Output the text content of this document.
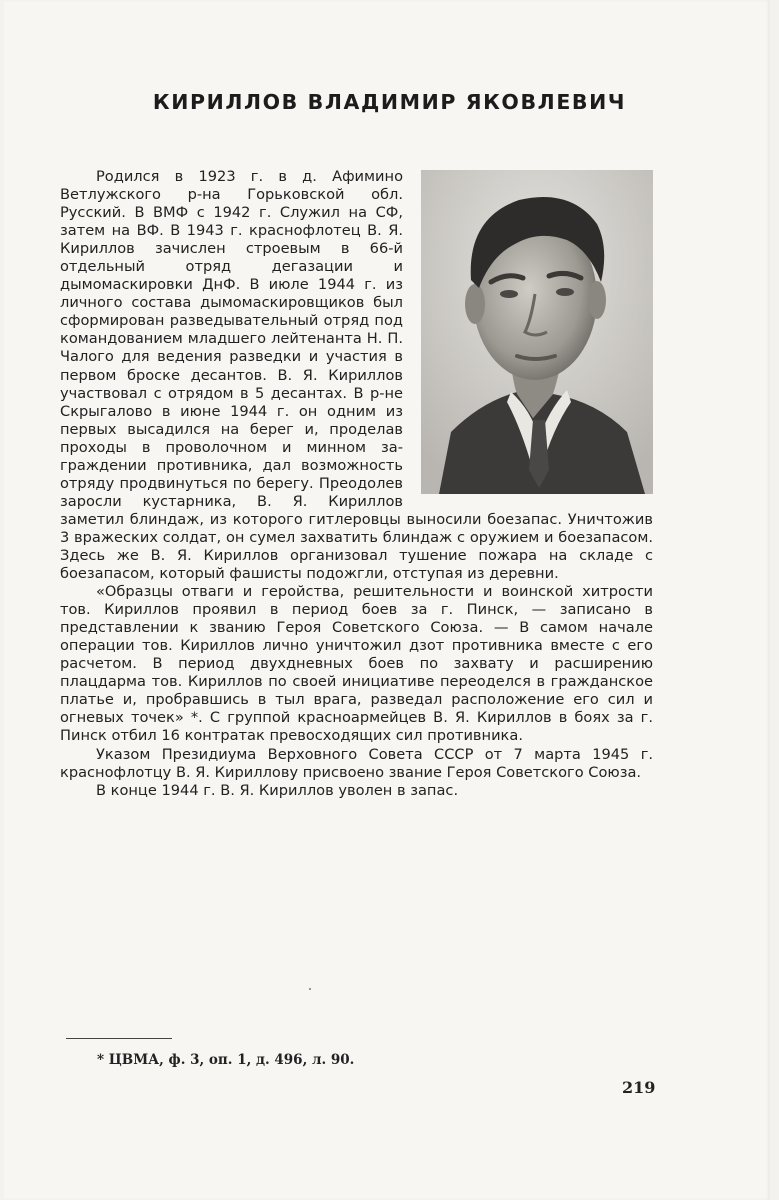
КИРИЛЛОВ ВЛАДИМИР ЯКОВЛЕВИЧ

Родился в 1923 г. в д. Афимино Ветлужского р-на Горьковской обл. Русский. В ВМФ с 1942 г. Служил на СФ, затем на ВФ. В 1943 г. краснофлотец В. Я. Кириллов зачислен строевым в 66-й отдельный отряд дегазации и дымомаскировки ДнФ. В июле 1944 г. из личного состава дымомаскировщиков был сформирован разведывательный отряд под командованием младшего лейтенанта Н. П. Чалого для ведения разведки и участия в первом броске десантов. В. Я. Кириллов участвовал с отрядом в 5 десантах. В р-не Скрыгалово в июне 1944 г. он одним из первых высадился на берег и, проделав проходы в проволочном и минном заграждении противника, дал возможность отряду продвинуться по берегу. Преодолев заросли кустарника, В. Я. Кириллов заметил блиндаж, из которого гитлеровцы выносили боезапас. Уничтожив 3 вражеских солдат, он сумел захватить блиндаж с оружием и боезапасом. Здесь же В. Я. Кириллов организовал тушение пожара на складе с боезапасом, который фашисты подожгли, отступая из деревни.

«Образцы отваги и геройства, решительности и воинской хитрости тов. Кириллов проявил в период боев за г. Пинск, — записано в представлении к званию Героя Советского Союза. — В самом начале операции тов. Кириллов лично уничтожил дзот противника вместе с его расчетом. В период двухдневных боев по захвату и расширению плацдарма тов. Кириллов по своей инициативе переоделся в гражданское платье и, пробравшись в тыл врага, разведал расположение его сил и огневых точек» *. С группой красноармейцев В. Я. Кириллов в боях за г. Пинск отбил 16 контратак превосходящих сил противника.

Указом Президиума Верховного Совета СССР от 7 марта 1945 г. краснофлотцу В. Я. Кириллову присвоено звание Героя Советского Союза.

В конце 1944 г. В. Я. Кириллов уволен в запас.

* ЦВМА, ф. 3, оп. 1, д. 496, л. 90.
219
